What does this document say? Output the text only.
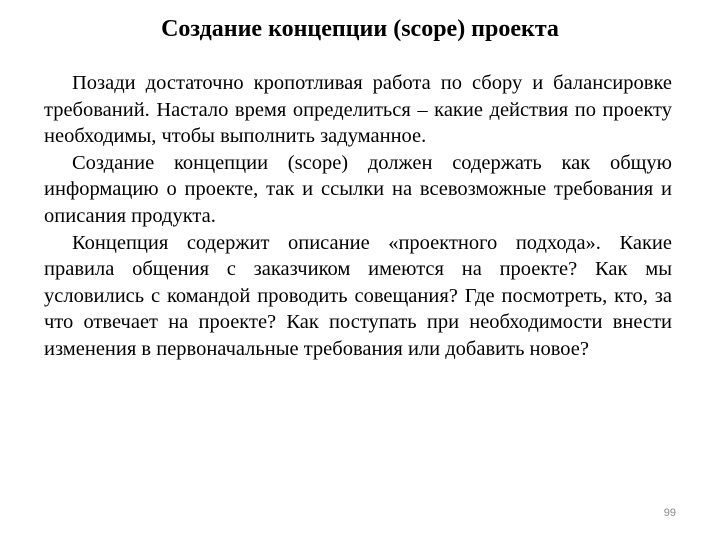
Создание концепции (scope) проекта

Позади достаточно кропотливая работа по сбору и балансировке требований. Настало время определиться – какие действия по проекту необходимы, чтобы выполнить задуманное.

Создание концепции (scope) должен содержать как общую информацию о проекте, так и ссылки на всевозможные требования и описания продукта.

Концепция содержит описание «проектного подхода». Какие правила общения с заказчиком имеются на проекте? Как мы условились с командой проводить совещания? Где посмотреть, кто, за что отвечает на проекте? Как поступать при необходимости внести изменения в первоначальные требования или добавить новое?

99
